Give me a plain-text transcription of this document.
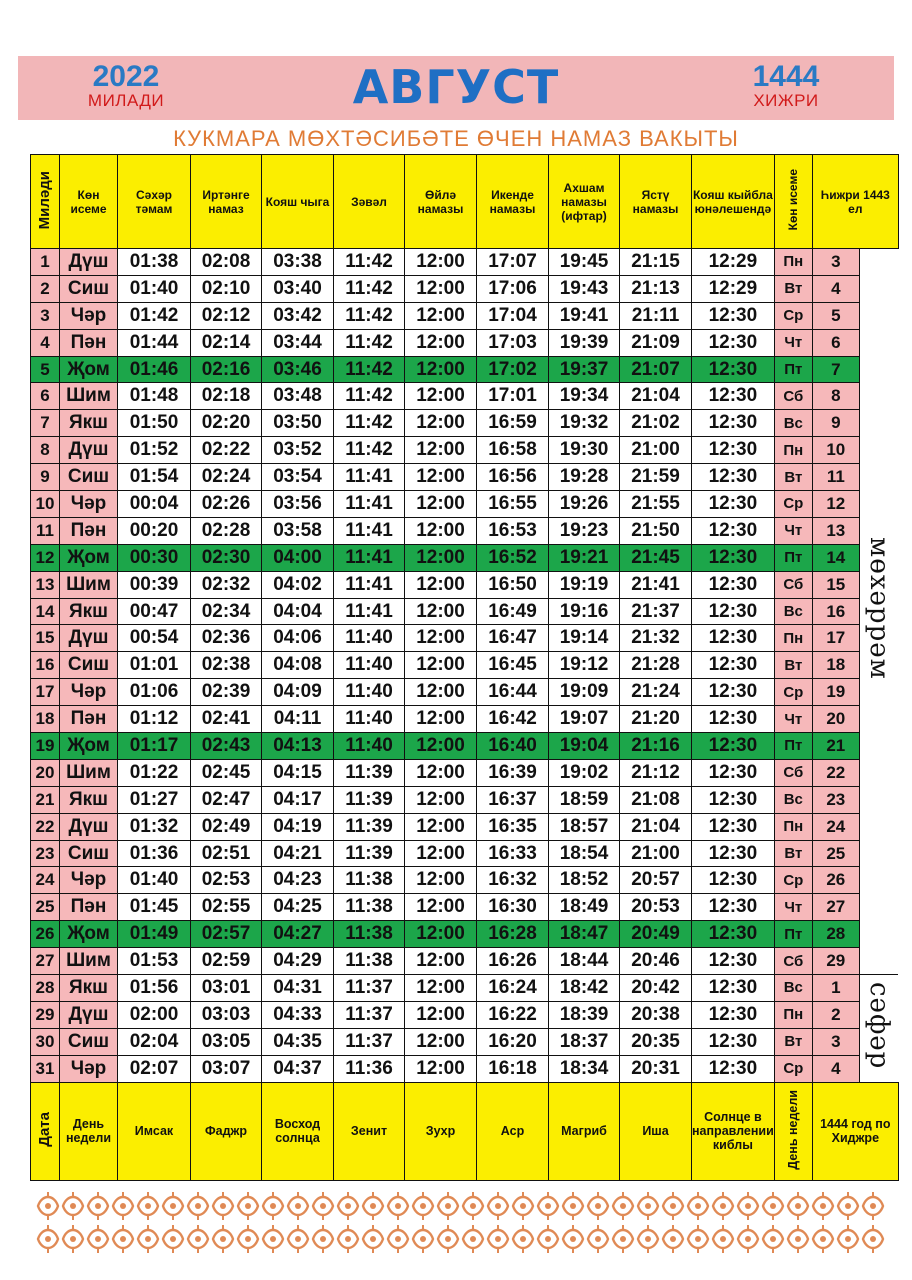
2022
МИЛАДИ	АВГУСТ	1444
ХИЖРИ
КУКМАРА МӨХТӘСИБӘТЕ ӨЧЕН НАМАЗ ВАКЫТЫ
Миләди	Көн исеме	Сәхәр тәмам	Иртәнге намаз	Кояш чыга	Зәвәл	Өйлә намазы	Икенде намазы	Ахшам намазы (ифтар)	Ястү намазы	Кояш кыйбла юнәлешендә	Көн исеме	Һижри 1443 ел	
1	Дүш	01:38	02:08	03:38	11:42	12:00	17:07	19:45	21:15	12:29	Пн	3	мөхәррәм
2	Сиш	01:40	02:10	03:40	11:42	12:00	17:06	19:43	21:13	12:29	Вт	4	
3	Чәр	01:42	02:12	03:42	11:42	12:00	17:04	19:41	21:11	12:30	Ср	5	
4	Пән	01:44	02:14	03:44	11:42	12:00	17:03	19:39	21:09	12:30	Чт	6	
5	Җом	01:46	02:16	03:46	11:42	12:00	17:02	19:37	21:07	12:30	Пт	7	
6	Шим	01:48	02:18	03:48	11:42	12:00	17:01	19:34	21:04	12:30	Сб	8	
7	Якш	01:50	02:20	03:50	11:42	12:00	16:59	19:32	21:02	12:30	Вс	9	
8	Дүш	01:52	02:22	03:52	11:42	12:00	16:58	19:30	21:00	12:30	Пн	10	
9	Сиш	01:54	02:24	03:54	11:41	12:00	16:56	19:28	21:59	12:30	Вт	11	
10	Чәр	00:04	02:26	03:56	11:41	12:00	16:55	19:26	21:55	12:30	Ср	12	
11	Пән	00:20	02:28	03:58	11:41	12:00	16:53	19:23	21:50	12:30	Чт	13	
12	Җом	00:30	02:30	04:00	11:41	12:00	16:52	19:21	21:45	12:30	Пт	14	
13	Шим	00:39	02:32	04:02	11:41	12:00	16:50	19:19	21:41	12:30	Сб	15	
14	Якш	00:47	02:34	04:04	11:41	12:00	16:49	19:16	21:37	12:30	Вс	16	
15	Дүш	00:54	02:36	04:06	11:40	12:00	16:47	19:14	21:32	12:30	Пн	17	
16	Сиш	01:01	02:38	04:08	11:40	12:00	16:45	19:12	21:28	12:30	Вт	18	
17	Чәр	01:06	02:39	04:09	11:40	12:00	16:44	19:09	21:24	12:30	Ср	19	
18	Пән	01:12	02:41	04:11	11:40	12:00	16:42	19:07	21:20	12:30	Чт	20	
19	Җом	01:17	02:43	04:13	11:40	12:00	16:40	19:04	21:16	12:30	Пт	21	
20	Шим	01:22	02:45	04:15	11:39	12:00	16:39	19:02	21:12	12:30	Сб	22	
21	Якш	01:27	02:47	04:17	11:39	12:00	16:37	18:59	21:08	12:30	Вс	23	
22	Дүш	01:32	02:49	04:19	11:39	12:00	16:35	18:57	21:04	12:30	Пн	24	
23	Сиш	01:36	02:51	04:21	11:39	12:00	16:33	18:54	21:00	12:30	Вт	25	
24	Чәр	01:40	02:53	04:23	11:38	12:00	16:32	18:52	20:57	12:30	Ср	26	
25	Пән	01:45	02:55	04:25	11:38	12:00	16:30	18:49	20:53	12:30	Чт	27	
26	Җом	01:49	02:57	04:27	11:38	12:00	16:28	18:47	20:49	12:30	Пт	28	
27	Шим	01:53	02:59	04:29	11:38	12:00	16:26	18:44	20:46	12:30	Сб	29	
28	Якш	01:56	03:01	04:31	11:37	12:00	16:24	18:42	20:42	12:30	Вс	1	сәфәр
29	Дүш	02:00	03:03	04:33	11:37	12:00	16:22	18:39	20:38	12:30	Пн	2	
30	Сиш	02:04	03:05	04:35	11:37	12:00	16:20	18:37	20:35	12:30	Вт	3	
31	Чәр	02:07	03:07	04:37	11:36	12:00	16:18	18:34	20:31	12:30	Ср	4	
Дата	День недели	Имсак	Фаджр	Восход солнца	Зенит	Зухр	Аср	Магриб	Иша	Солнце в направлении киблы	День недели	1444 год по Хиджре	
